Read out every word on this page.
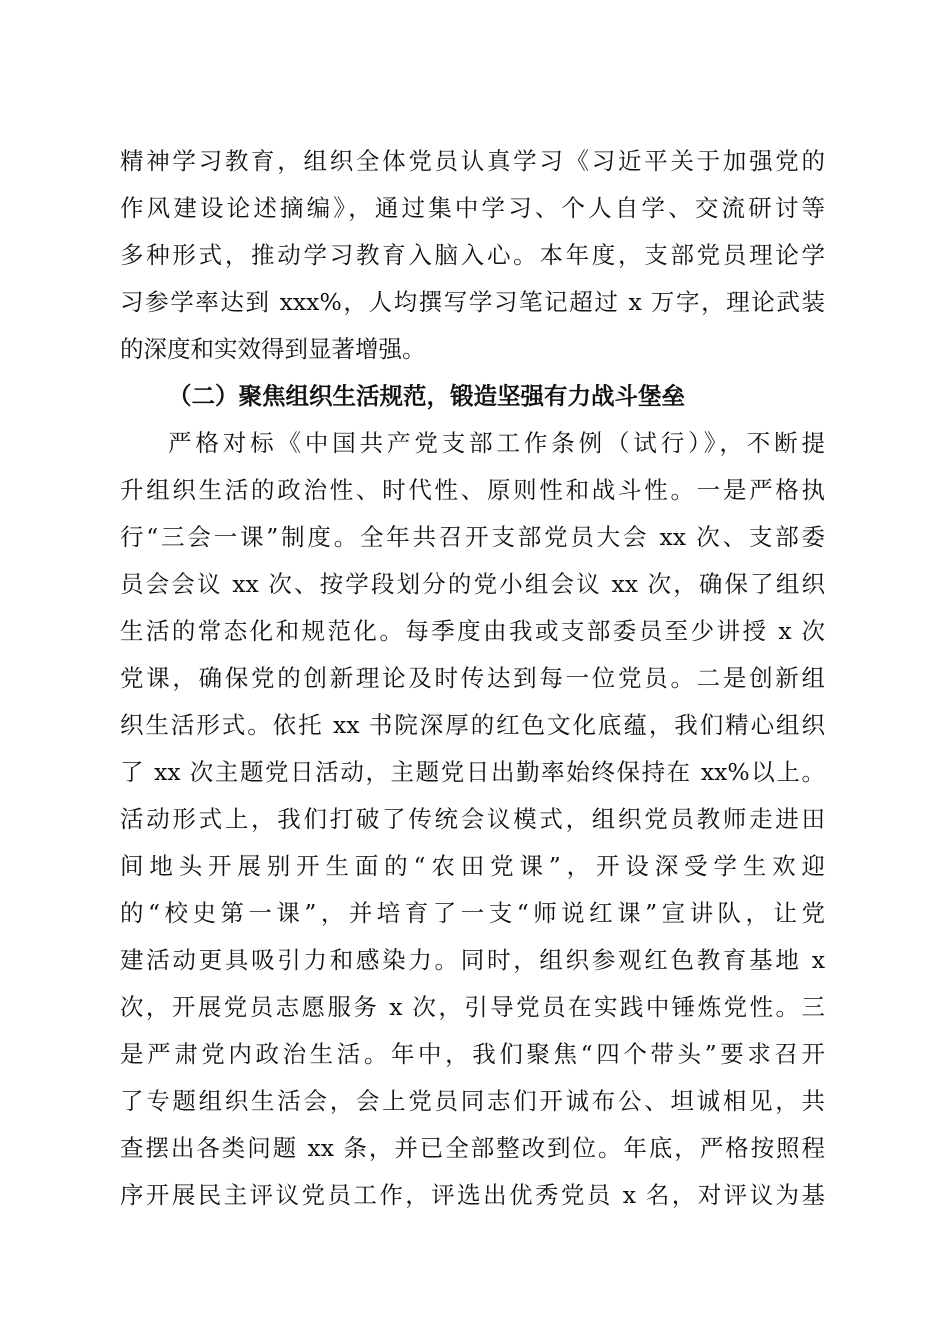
精神学习教育，组织全体党员认真学习《习近平关于加强党的
作风建设论述摘编》，通过集中学习、个人自学、交流研讨等
多种形式，推动学习教育入脑入心。本年度，支部党员理论学
习参学率达到 xxx%，人均撰写学习笔记超过 x 万字，理论武装
的深度和实效得到显著增强。
（二）聚焦组织生活规范，锻造坚强有力战斗堡垒
严格对标《中国共产党支部工作条例（试行）》，不断提
升组织生活的政治性、时代性、原则性和战斗性。一是严格执
行“三会一课”制度。全年共召开支部党员大会 xx 次、支部委
员会会议 xx 次、按学段划分的党小组会议 xx 次，确保了组织
生活的常态化和规范化。每季度由我或支部委员至少讲授 x 次
党课，确保党的创新理论及时传达到每一位党员。二是创新组
织生活形式。依托 xx 书院深厚的红色文化底蕴，我们精心组织
了 xx 次主题党日活动，主题党日出勤率始终保持在 xx%以上。
活动形式上，我们打破了传统会议模式，组织党员教师走进田
间地头开展别开生面的“农田党课”，开设深受学生欢迎
的“校史第一课”，并培育了一支“师说红课”宣讲队，让党
建活动更具吸引力和感染力。同时，组织参观红色教育基地 x
次，开展党员志愿服务 x 次，引导党员在实践中锤炼党性。三
是严肃党内政治生活。年中，我们聚焦“四个带头”要求召开
了专题组织生活会，会上党员同志们开诚布公、坦诚相见，共
查摆出各类问题 xx 条，并已全部整改到位。年底，严格按照程
序开展民主评议党员工作，评选出优秀党员 x 名，对评议为基
